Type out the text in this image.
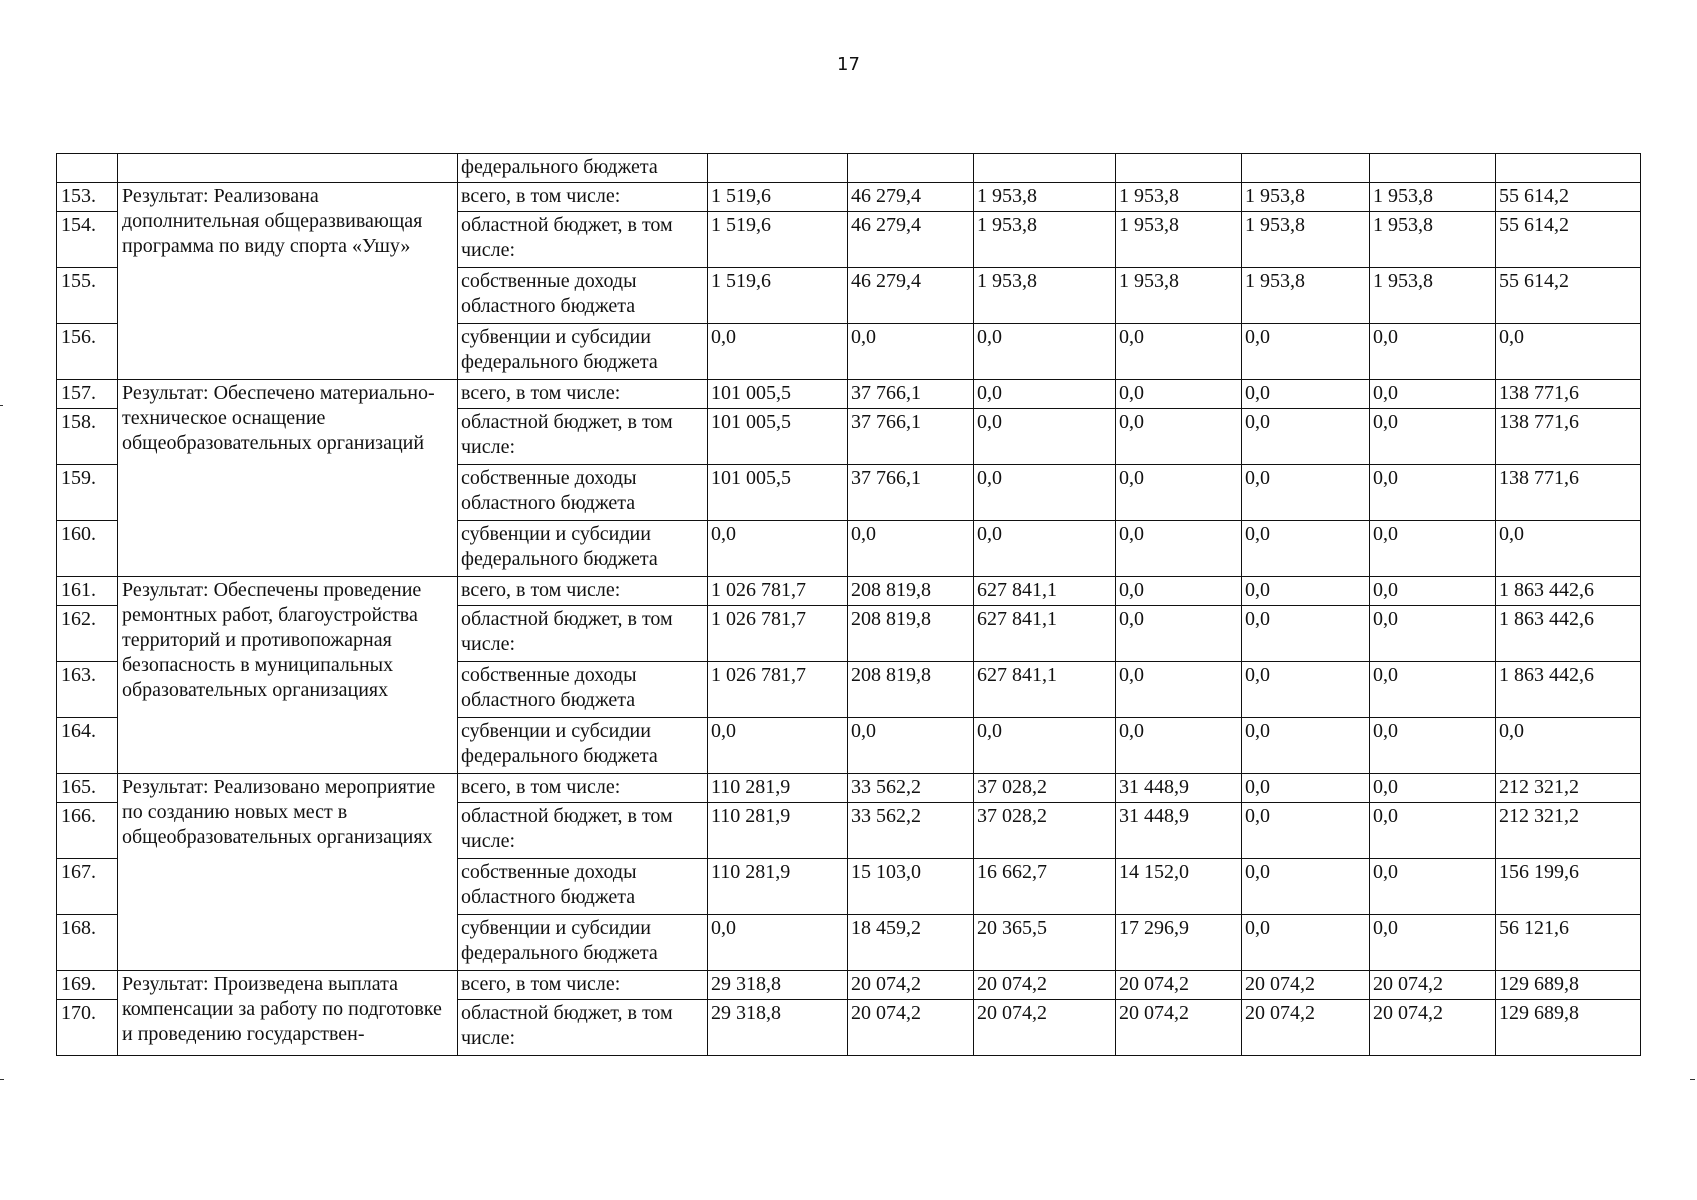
17
		федерального бюджета							
153.	Результат: Реализована дополнительная общеразвивающая программа по виду спорта «Ушу»	всего, в том числе:	1 519,6	46 279,4	1 953,8	1 953,8	1 953,8	1 953,8	55 614,2
154.		областной бюджет, в том числе:	1 519,6	46 279,4	1 953,8	1 953,8	1 953,8	1 953,8	55 614,2
155.		собственные доходы областного бюджета	1 519,6	46 279,4	1 953,8	1 953,8	1 953,8	1 953,8	55 614,2
156.		субвенции и субсидии федерального бюджета	0,0	0,0	0,0	0,0	0,0	0,0	0,0
157.	Результат: Обеспечено материально-техническое оснащение общеобразовательных организаций	всего, в том числе:	101 005,5	37 766,1	0,0	0,0	0,0	0,0	138 771,6
158.		областной бюджет, в том числе:	101 005,5	37 766,1	0,0	0,0	0,0	0,0	138 771,6
159.		собственные доходы областного бюджета	101 005,5	37 766,1	0,0	0,0	0,0	0,0	138 771,6
160.		субвенции и субсидии федерального бюджета	0,0	0,0	0,0	0,0	0,0	0,0	0,0
161.	Результат: Обеспечены проведение ремонтных работ, благоустройства территорий и противопожарная безопасность в муниципальных образовательных организациях	всего, в том числе:	1 026 781,7	208 819,8	627 841,1	0,0	0,0	0,0	1 863 442,6
162.		областной бюджет, в том числе:	1 026 781,7	208 819,8	627 841,1	0,0	0,0	0,0	1 863 442,6
163.		собственные доходы областного бюджета	1 026 781,7	208 819,8	627 841,1	0,0	0,0	0,0	1 863 442,6
164.		субвенции и субсидии федерального бюджета	0,0	0,0	0,0	0,0	0,0	0,0	0,0
165.	Результат: Реализовано мероприятие по созданию новых мест в общеобразовательных организациях	всего, в том числе:	110 281,9	33 562,2	37 028,2	31 448,9	0,0	0,0	212 321,2
166.		областной бюджет, в том числе:	110 281,9	33 562,2	37 028,2	31 448,9	0,0	0,0	212 321,2
167.		собственные доходы областного бюджета	110 281,9	15 103,0	16 662,7	14 152,0	0,0	0,0	156 199,6
168.		субвенции и субсидии федерального бюджета	0,0	18 459,2	20 365,5	17 296,9	0,0	0,0	56 121,6
169.	Результат: Произведена выплата компенсации за работу по подготовке и проведению государствен-	всего, в том числе:	29 318,8	20 074,2	20 074,2	20 074,2	20 074,2	20 074,2	129 689,8
170.		областной бюджет, в том числе:	29 318,8	20 074,2	20 074,2	20 074,2	20 074,2	20 074,2	129 689,8
